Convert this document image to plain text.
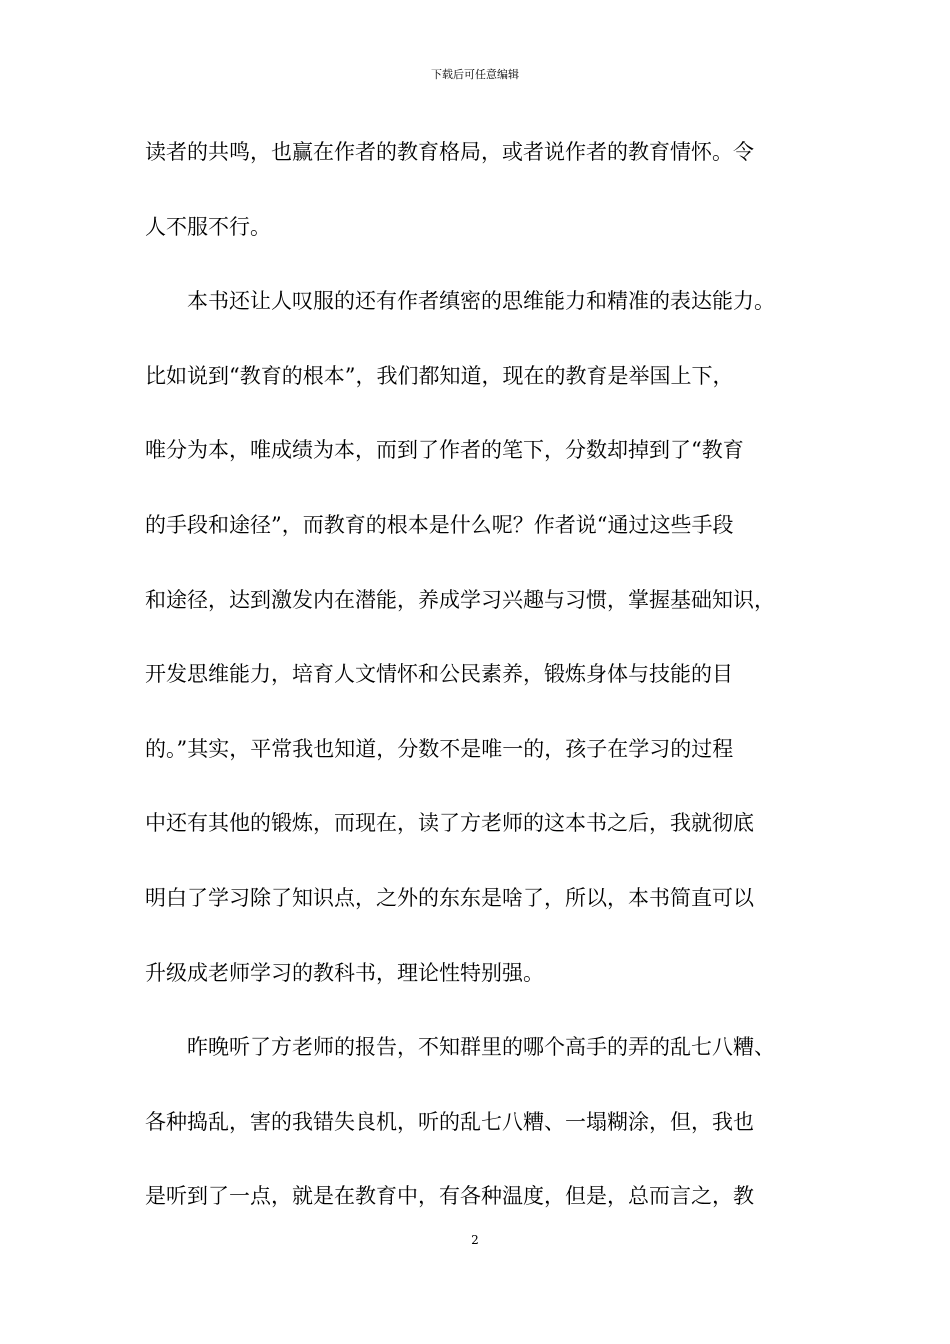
下载后可任意编辑
读者的共鸣，也赢在作者的教育格局，或者说作者的教育情怀。令
人不服不行。
　　本书还让人叹服的还有作者缜密的思维能力和精准的表达能力。
比如说到“教育的根本”，我们都知道，现在的教育是举国上下，
唯分为本，唯成绩为本，而到了作者的笔下，分数却掉到了“教育
的手段和途径”，而教育的根本是什么呢？作者说“通过这些手段
和途径，达到激发内在潜能，养成学习兴趣与习惯，掌握基础知识，
开发思维能力，培育人文情怀和公民素养，锻炼身体与技能的目
的。”其实，平常我也知道，分数不是唯一的，孩子在学习的过程
中还有其他的锻炼，而现在，读了方老师的这本书之后，我就彻底
明白了学习除了知识点，之外的东东是啥了，所以，本书简直可以
升级成老师学习的教科书，理论性特别强。
　　昨晚听了方老师的报告，不知群里的哪个高手的弄的乱七八糟、
各种捣乱，害的我错失良机，听的乱七八糟、一塌糊涂，但，我也
是听到了一点，就是在教育中，有各种温度，但是，总而言之，教
2
